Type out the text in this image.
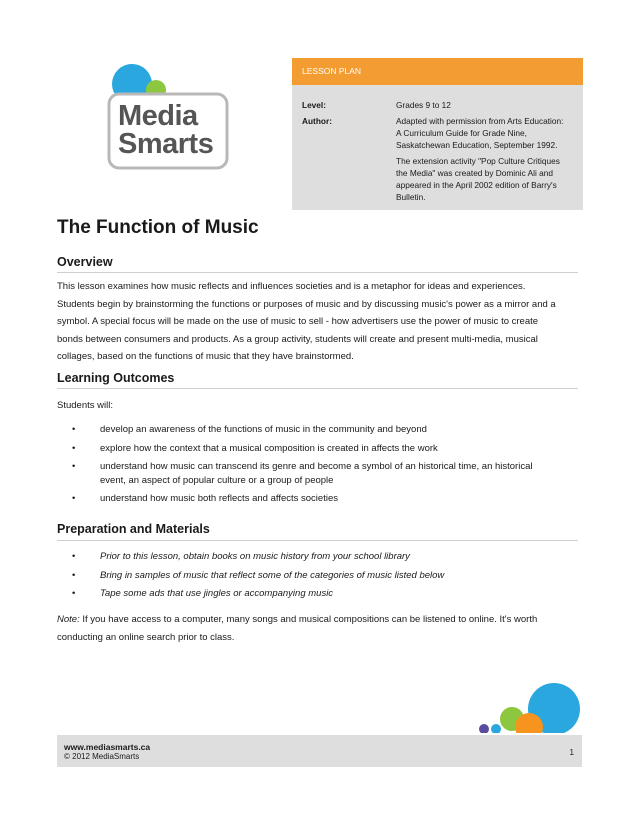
Media
Smarts
LESSON PLAN
Level:	Grades 9 to 12
Author:	Adapted with permission from Arts Education:
A Curriculum Guide for Grade Nine,
Saskatchewan Education, September 1992.
The extension activity "Pop Culture Critiques
the Media" was created by Dominic Ali and
appeared in the April 2002 edition of Barry's
Bulletin.
The Function of Music
Overview
This lesson examines how music reflects and influences societies and is a metaphor for ideas and experiences.
Students begin by brainstorming the functions or purposes of music and by discussing music's power as a mirror and a
symbol. A special focus will be made on the use of music to sell - how advertisers use the power of music to create
bonds between consumers and products. As a group activity, students will create and present multi-media, musical
collages, based on the functions of music that they have brainstormed.
Learning Outcomes
Students will:
•	develop an awareness of the functions of music in the community and beyond
•	explore how the context that a musical composition is created in affects the work
•	understand how music can transcend its genre and become a symbol of an historical time, an historical
event, an aspect of popular culture or a group of people
•	understand how music both reflects and affects societies
Preparation and Materials
•	Prior to this lesson, obtain books on music history from your school library
•	Bring in samples of music that reflect some of the categories of music listed below
•	Tape some ads that use jingles or accompanying music
Note: If you have access to a computer, many songs and musical compositions can be listened to online. It's worth
conducting an online search prior to class.
www.mediasmarts.ca
© 2012 MediaSmarts	1
